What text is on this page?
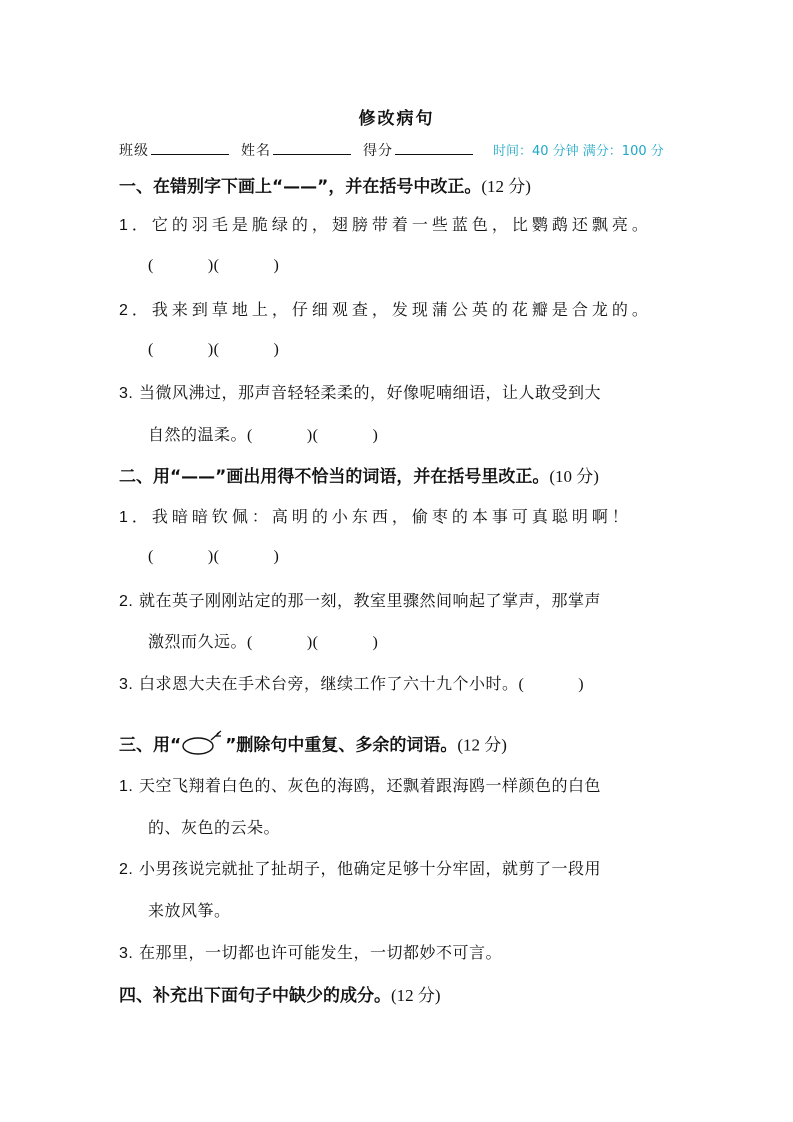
修改病句
班级	姓名	得分	时间：40 分钟 满分：100 分
一、在错别字下画上“——”，并在括号中改正。(12 分)
1．它的羽毛是脆绿的，翅膀带着一些蓝色，比鹦鹉还飘亮。
(            )(            )
2．我来到草地上，仔细观查，发现蒲公英的花瓣是合龙的。
(            )(            )
3. 当微风沸过，那声音轻轻柔柔的，好像呢喃细语，让人敢受到大
自然的温柔。(            )(            )
二、用“——”画出用得不恰当的词语，并在括号里改正。(10 分)
1．我暗暗钦佩：高明的小东西，偷枣的本事可真聪明啊！
(            )(            )
2. 就在英子刚刚站定的那一刻，教室里骤然间响起了掌声，那掌声
激烈而久远。(            )(            )
3. 白求恩大夫在手术台旁，继续工作了六十九个小时。(            )
三、用“	”删除句中重复、多余的词语。(12 分)
1. 天空飞翔着白色的、灰色的海鸥，还飘着跟海鸥一样颜色的白色
的、灰色的云朵。
2. 小男孩说完就扯了扯胡子，他确定足够十分牢固，就剪了一段用
来放风筝。
3. 在那里，一切都也许可能发生，一切都妙不可言。
四、补充出下面句子中缺少的成分。(12 分)
